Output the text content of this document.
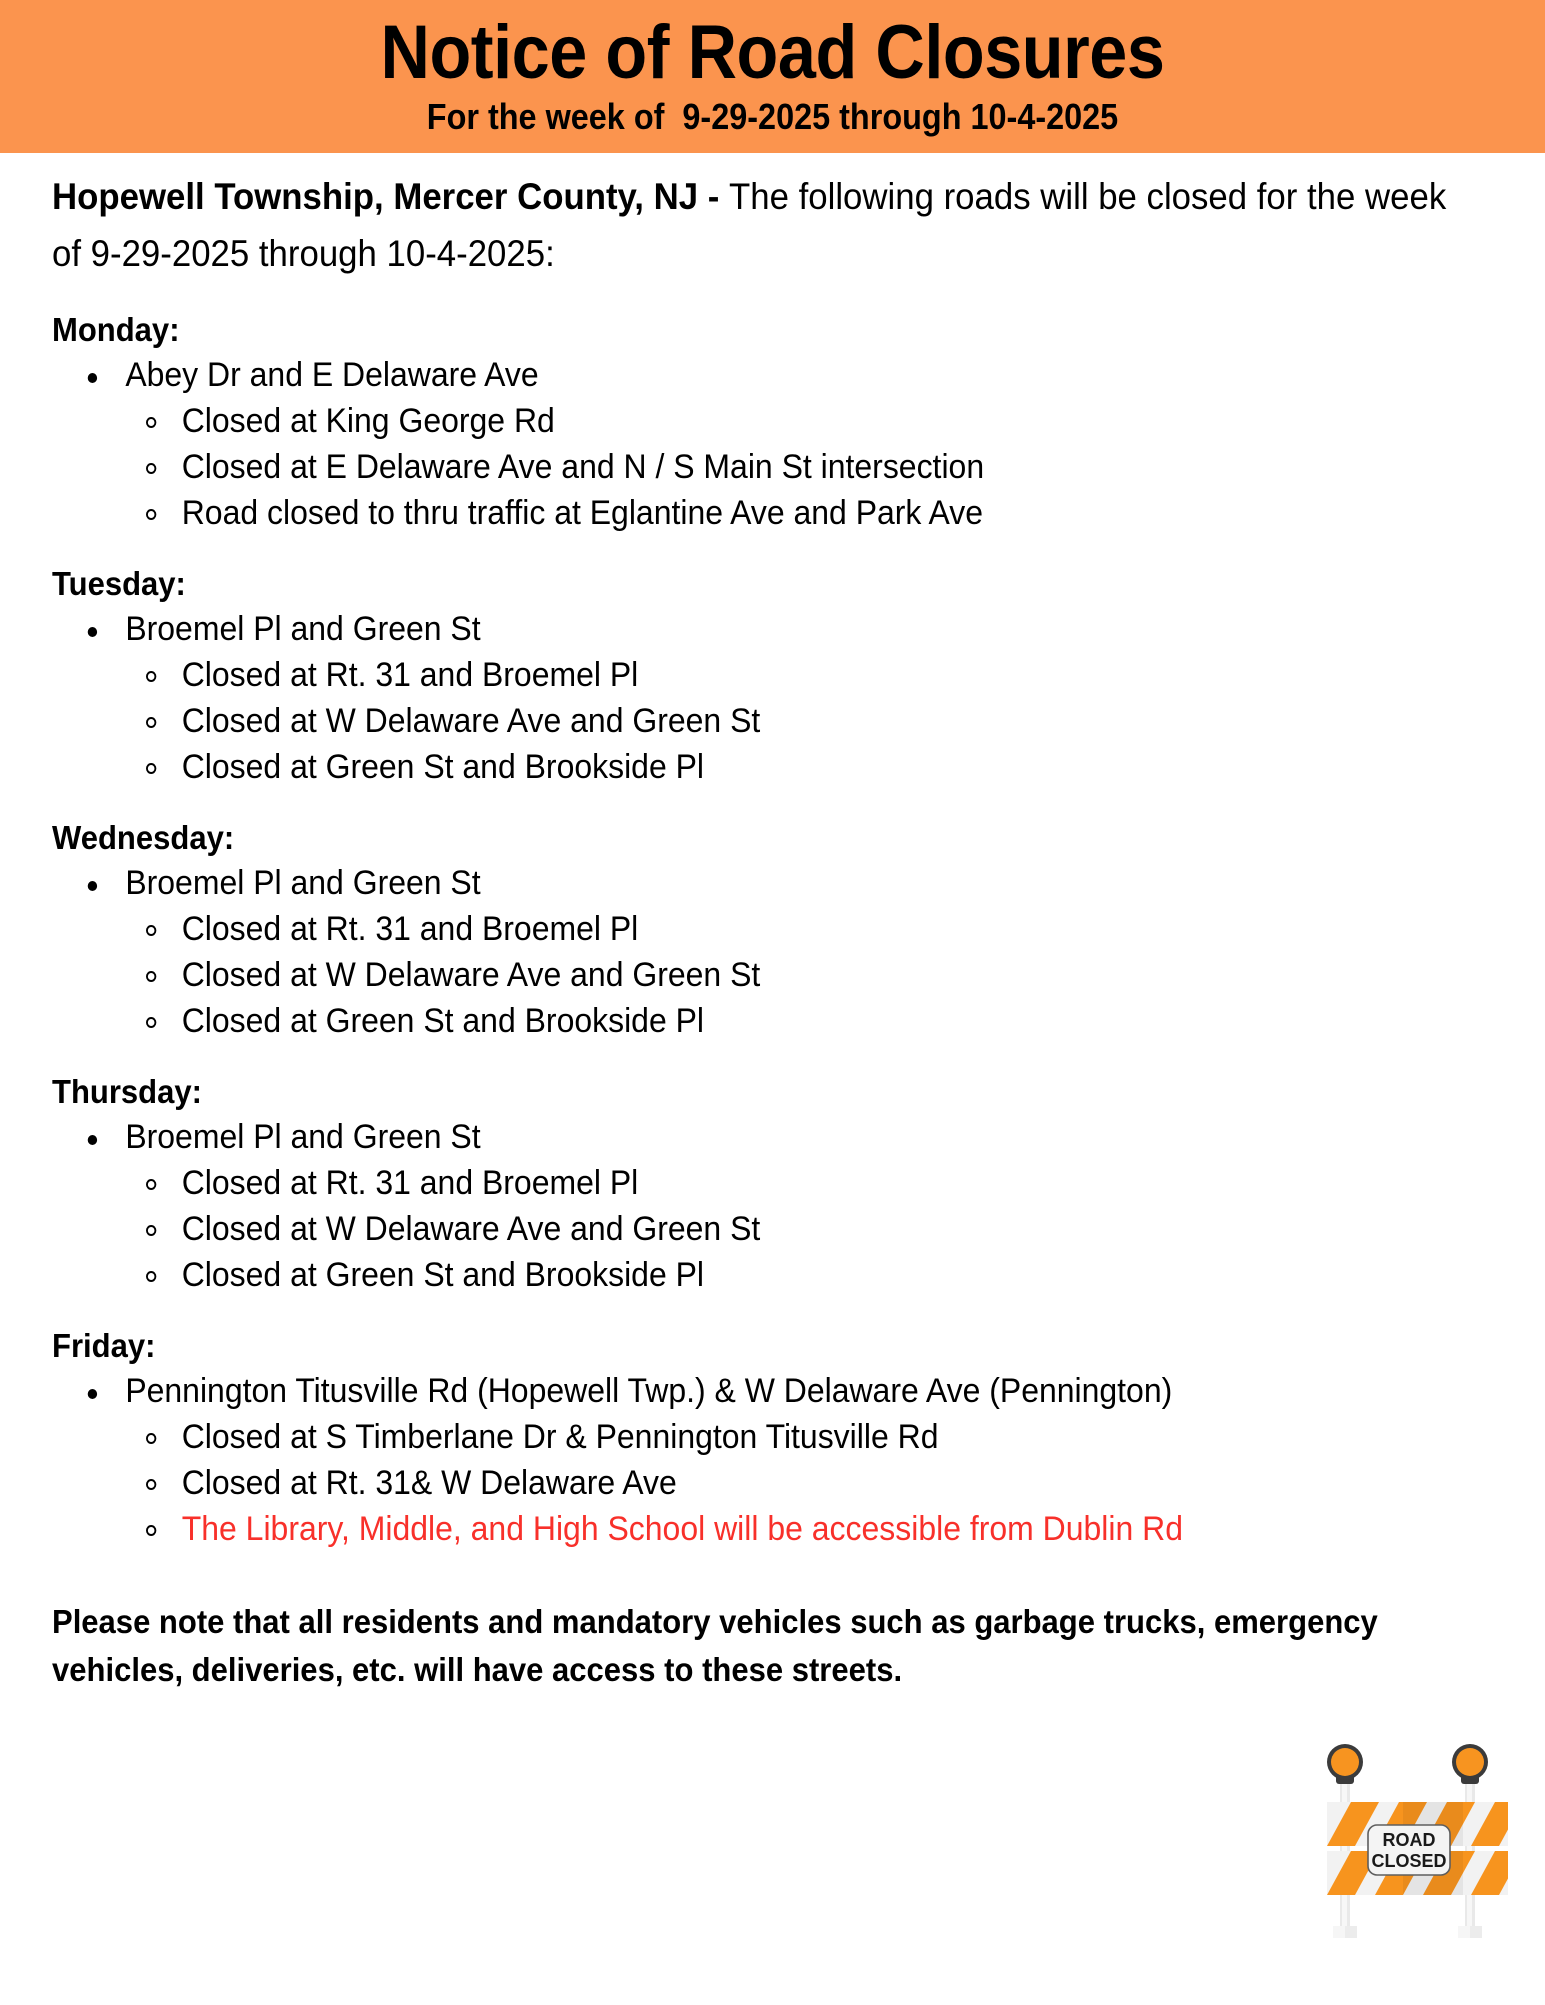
Notice of Road Closures
For the week of  9-29-2025 through 10-4-2025

Hopewell Township, Mercer County, NJ - The following roads will be closed for the week of 9-29-2025 through 10-4-2025:

Monday:
Abey Dr and E Delaware Ave
Closed at King George Rd
Closed at E Delaware Ave and N / S Main St intersection
Road closed to thru traffic at Eglantine Ave and Park Ave
Tuesday:
Broemel Pl and Green St
Closed at Rt. 31 and Broemel Pl
Closed at W Delaware Ave and Green St
Closed at Green St and Brookside Pl
Wednesday:
Broemel Pl and Green St
Closed at Rt. 31 and Broemel Pl
Closed at W Delaware Ave and Green St
Closed at Green St and Brookside Pl
Thursday:
Broemel Pl and Green St
Closed at Rt. 31 and Broemel Pl
Closed at W Delaware Ave and Green St
Closed at Green St and Brookside Pl
Friday:
Pennington Titusville Rd (Hopewell Twp.) & W Delaware Ave (Pennington)
Closed at S Timberlane Dr & Pennington Titusville Rd
Closed at Rt. 31& W Delaware Ave
The Library, Middle, and High School will be accessible from Dublin Rd

Please note that all residents and mandatory vehicles such as garbage trucks, emergency vehicles, deliveries, etc. will have access to these streets.

ROAD
CLOSED
